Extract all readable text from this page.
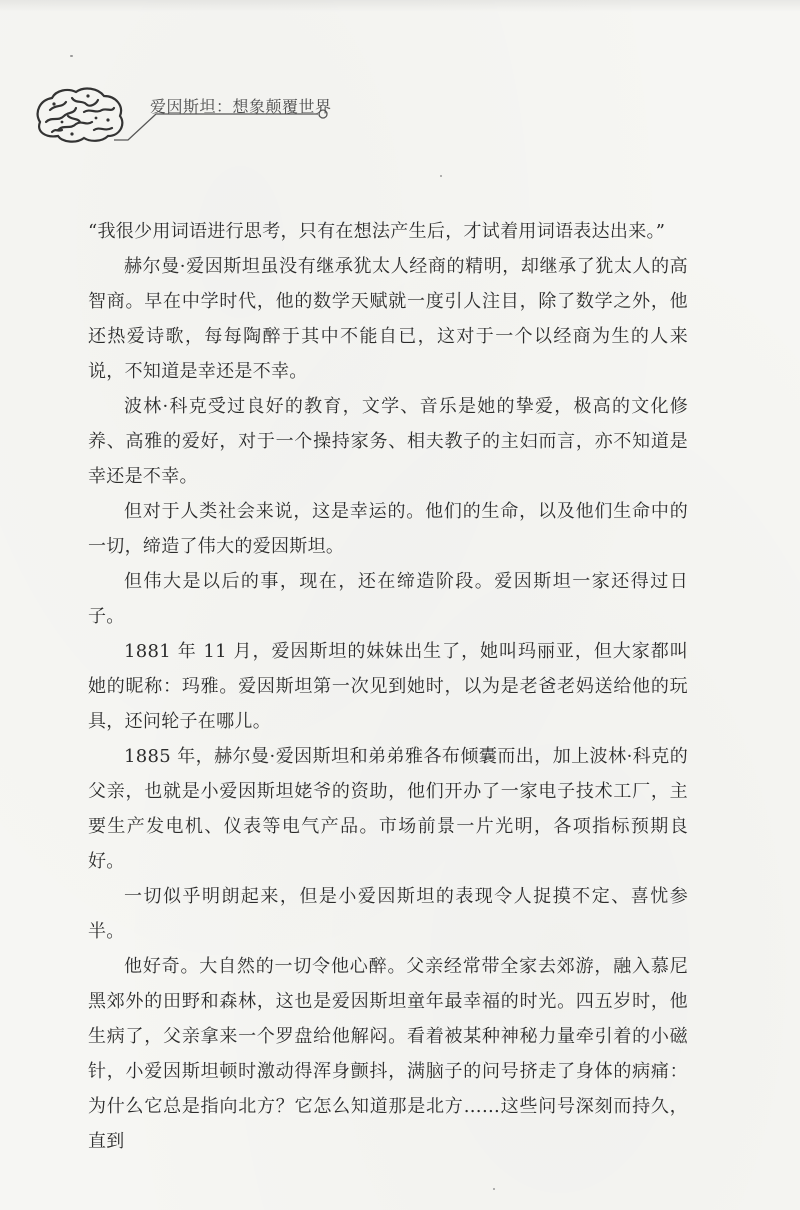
爱因斯坦：想象颠覆世界

“我很少用词语进行思考，只有在想法产生后，才试着用词语表达出来。”

赫尔曼·爱因斯坦虽没有继承犹太人经商的精明，却继承了犹太人的高智商。早在中学时代，他的数学天赋就一度引人注目，除了数学之外，他还热爱诗歌，每每陶醉于其中不能自已，这对于一个以经商为生的人来说，不知道是幸还是不幸。

波林·科克受过良好的教育，文学、音乐是她的挚爱，极高的文化修养、高雅的爱好，对于一个操持家务、相夫教子的主妇而言，亦不知道是幸还是不幸。

但对于人类社会来说，这是幸运的。他们的生命，以及他们生命中的一切，缔造了伟大的爱因斯坦。

但伟大是以后的事，现在，还在缔造阶段。爱因斯坦一家还得过日子。

1881 年 11 月，爱因斯坦的妹妹出生了，她叫玛丽亚，但大家都叫她的昵称：玛雅。爱因斯坦第一次见到她时，以为是老爸老妈送给他的玩具，还问轮子在哪儿。

1885 年，赫尔曼·爱因斯坦和弟弟雅各布倾囊而出，加上波林·科克的父亲，也就是小爱因斯坦姥爷的资助，他们开办了一家电子技术工厂，主要生产发电机、仪表等电气产品。市场前景一片光明，各项指标预期良好。

一切似乎明朗起来，但是小爱因斯坦的表现令人捉摸不定、喜忧参半。

他好奇。大自然的一切令他心醉。父亲经常带全家去郊游，融入慕尼黑郊外的田野和森林，这也是爱因斯坦童年最幸福的时光。四五岁时，他生病了，父亲拿来一个罗盘给他解闷。看着被某种神秘力量牵引着的小磁针，小爱因斯坦顿时激动得浑身颤抖，满脑子的问号挤走了身体的病痛：为什么它总是指向北方？它怎么知道那是北方……这些问号深刻而持久，直到
